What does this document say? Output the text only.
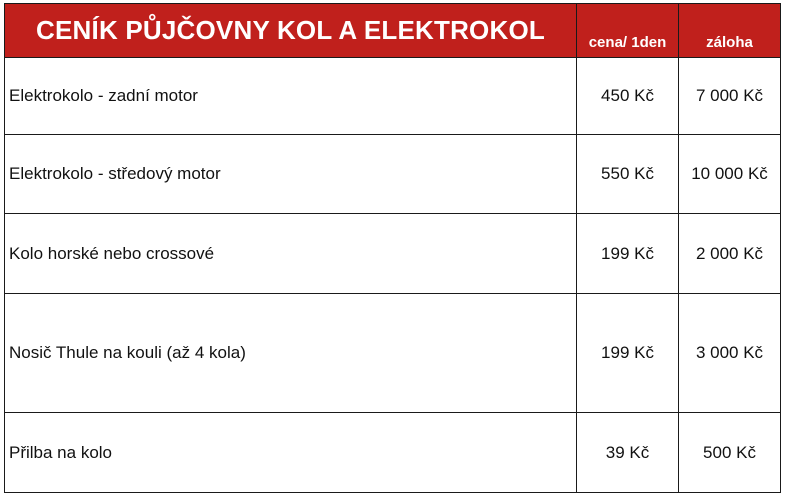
CENÍK PŮJČOVNY KOL A ELEKTROKOL	cena/ 1den	záloha
Elektrokolo - zadní motor	450 Kč	7 000 Kč
Elektrokolo - středový motor	550 Kč	10 000 Kč
Kolo horské nebo crossové	199 Kč	2 000 Kč
Nosič Thule na kouli (až 4 kola)	199 Kč	3 000 Kč
Přilba na kolo	39 Kč	500 Kč
